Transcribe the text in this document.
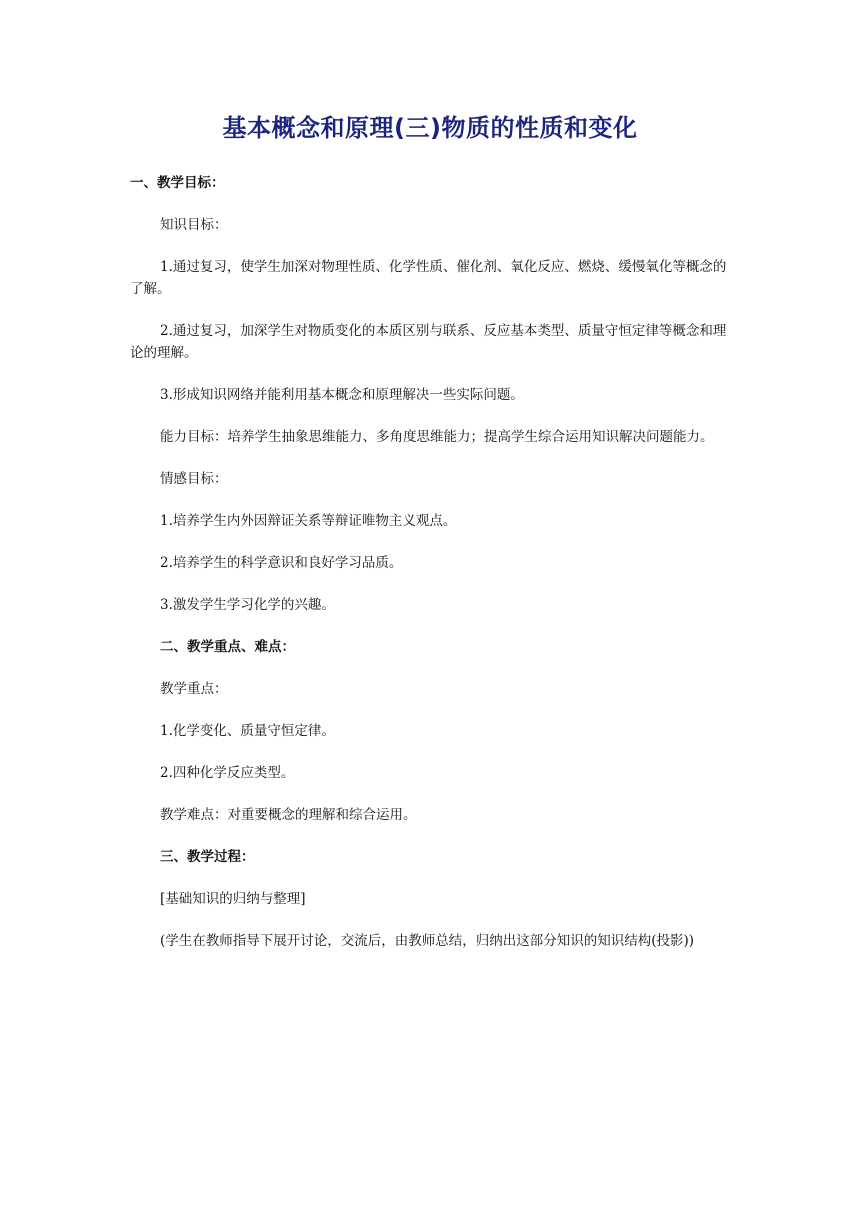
基本概念和原理(三)物质的性质和变化

一、教学目标：

知识目标：

1.通过复习，使学生加深对物理性质、化学性质、催化剂、氧化反应、燃烧、缓慢氧化等概念的了解。

2.通过复习，加深学生对物质变化的本质区别与联系、反应基本类型、质量守恒定律等概念和理论的理解。

3.形成知识网络并能利用基本概念和原理解决一些实际问题。

能力目标：培养学生抽象思维能力、多角度思维能力；提高学生综合运用知识解决问题能力。

情感目标：

1.培养学生内外因辩证关系等辩证唯物主义观点。

2.培养学生的科学意识和良好学习品质。

3.激发学生学习化学的兴趣。

二、教学重点、难点：

教学重点：

1.化学变化、质量守恒定律。

2.四种化学反应类型。

教学难点：对重要概念的理解和综合运用。

三、教学过程：

[基础知识的归纳与整理]

(学生在教师指导下展开讨论，交流后，由教师总结，归纳出这部分知识的知识结构(投影))
